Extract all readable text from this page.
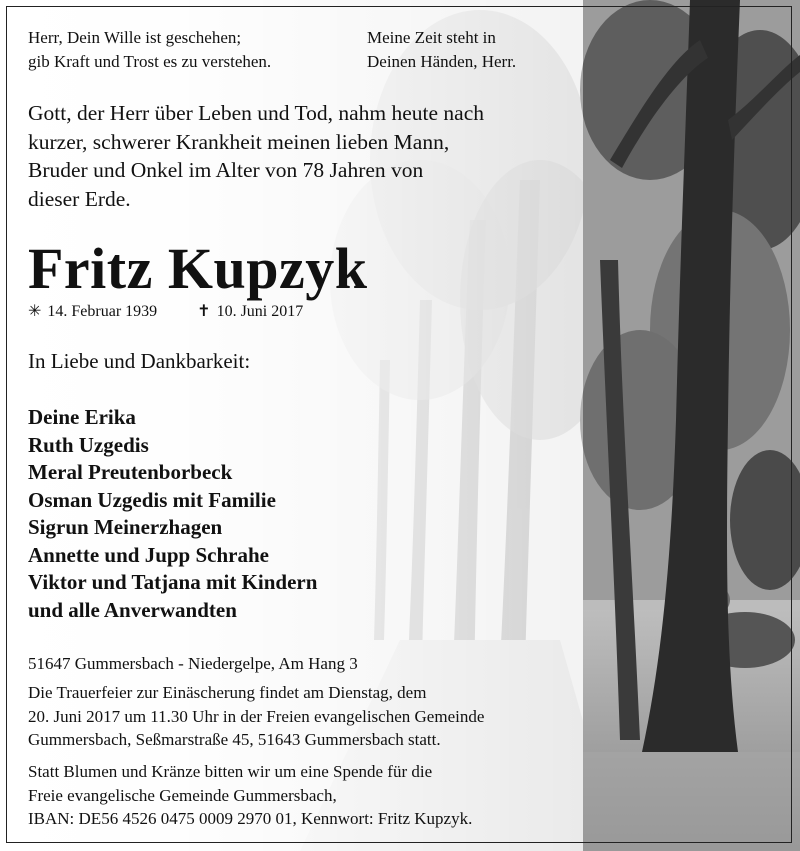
Herr, Dein Wille ist geschehen;
gib Kraft und Trost es zu verstehen.
Meine Zeit steht in
Deinen Händen, Herr.
Gott, der Herr über Leben und Tod, nahm heute nach
kurzer, schwerer Krankheit meinen lieben Mann,
Bruder und Onkel im Alter von 78 Jahren von
dieser Erde.
Fritz Kupzyk
✳ 14. Februar 1939	✝ 10. Juni 2017
In Liebe und Dankbarkeit:
Deine Erika
Ruth Uzgedis
Meral Preutenborbeck
Osman Uzgedis mit Familie
Sigrun Meinerzhagen
Annette und Jupp Schrahe
Viktor und Tatjana mit Kindern
und alle Anverwandten
51647 Gummersbach - Niedergelpe, Am Hang 3
Die Trauerfeier zur Einäscherung findet am Dienstag, dem
20. Juni 2017 um 11.30 Uhr in der Freien evangelischen Gemeinde
Gummersbach, Seßmarstraße 45, 51643 Gummersbach statt.
Statt Blumen und Kränze bitten wir um eine Spende für die
Freie evangelische Gemeinde Gummersbach,
IBAN: DE56 4526 0475 0009 2970 01, Kennwort: Fritz Kupzyk.
